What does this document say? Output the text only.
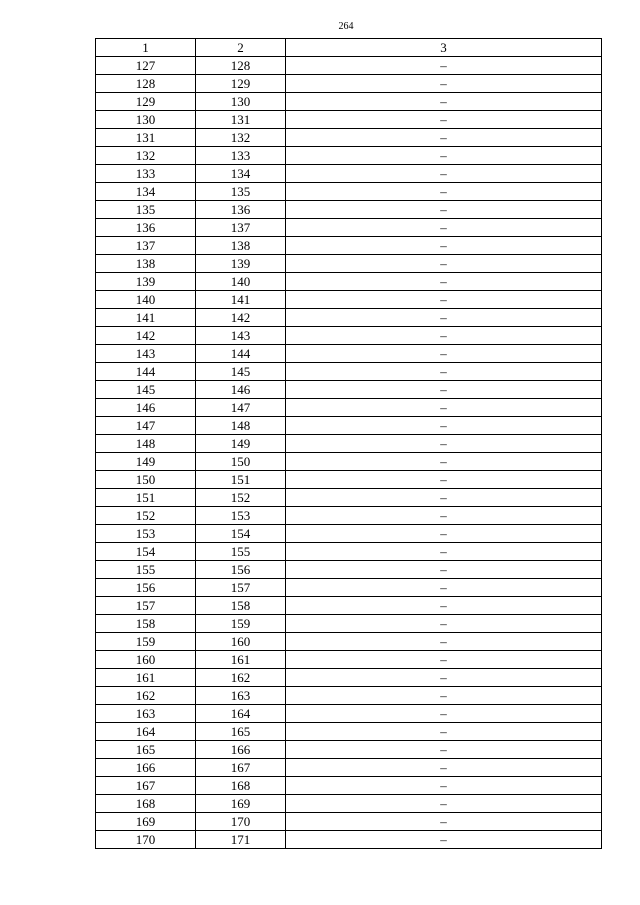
264
1	2	3
127	128	–
128	129	–
129	130	–
130	131	–
131	132	–
132	133	–
133	134	–
134	135	–
135	136	–
136	137	–
137	138	–
138	139	–
139	140	–
140	141	–
141	142	–
142	143	–
143	144	–
144	145	–
145	146	–
146	147	–
147	148	–
148	149	–
149	150	–
150	151	–
151	152	–
152	153	–
153	154	–
154	155	–
155	156	–
156	157	–
157	158	–
158	159	–
159	160	–
160	161	–
161	162	–
162	163	–
163	164	–
164	165	–
165	166	–
166	167	–
167	168	–
168	169	–
169	170	–
170	171	–
